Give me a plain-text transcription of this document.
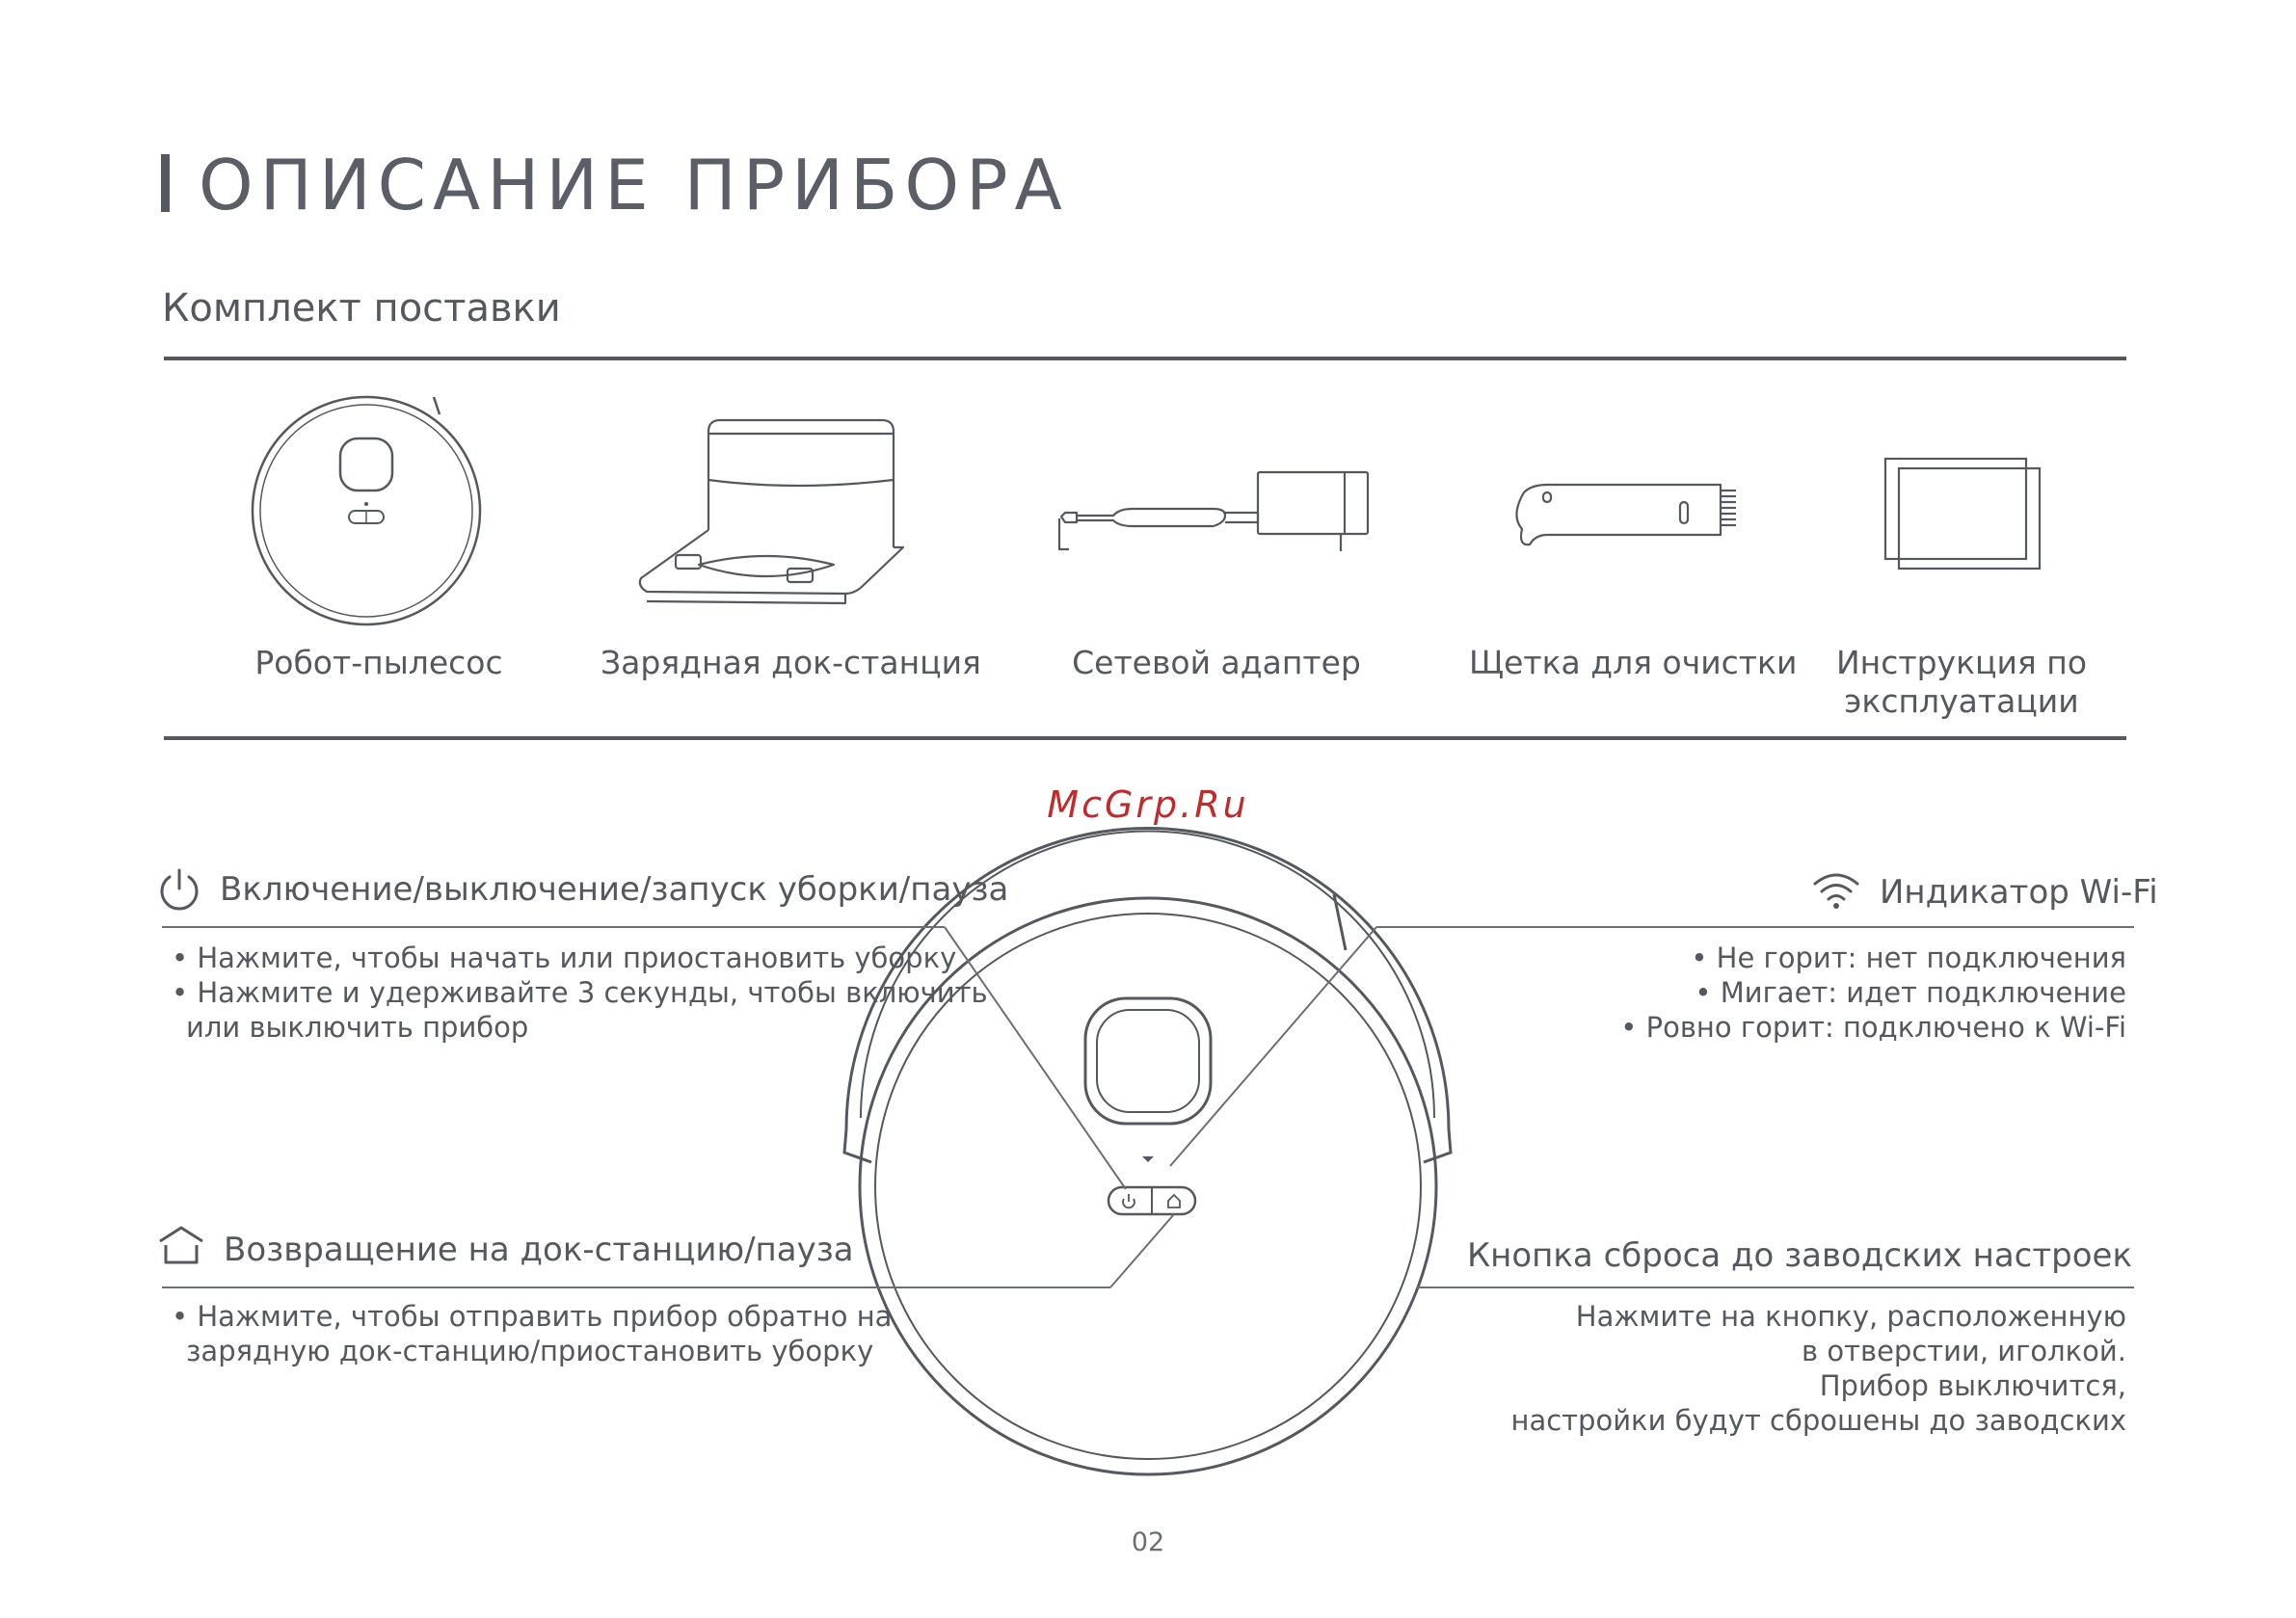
ОПИСАНИЕ ПРИБОРА
Комплект поставки
Робот-пылесос	Зарядная док-станция	Сетевой адаптер	Щетка для очистки	Инструкция по
эксплуатации
McGrp.Ru
Включение/выключение/запуск уборки/пауза
• Нажмите, чтобы начать или приостановить уборку
• Нажмите и удерживайте 3 секунды, чтобы включить
или выключить прибор
Индикатор Wi-Fi
• Не горит: нет подключения
• Мигает: идет подключение
• Ровно горит: подключено к Wi-Fi
Возвращение на док-станцию/пауза
• Нажмите, чтобы отправить прибор обратно на
зарядную док-станцию/приостановить уборку
Кнопка сброса до заводских настроек
Нажмите на кнопку, расположенную
в отверстии, иголкой.
Прибор выключится,
настройки будут сброшены до заводских
02
